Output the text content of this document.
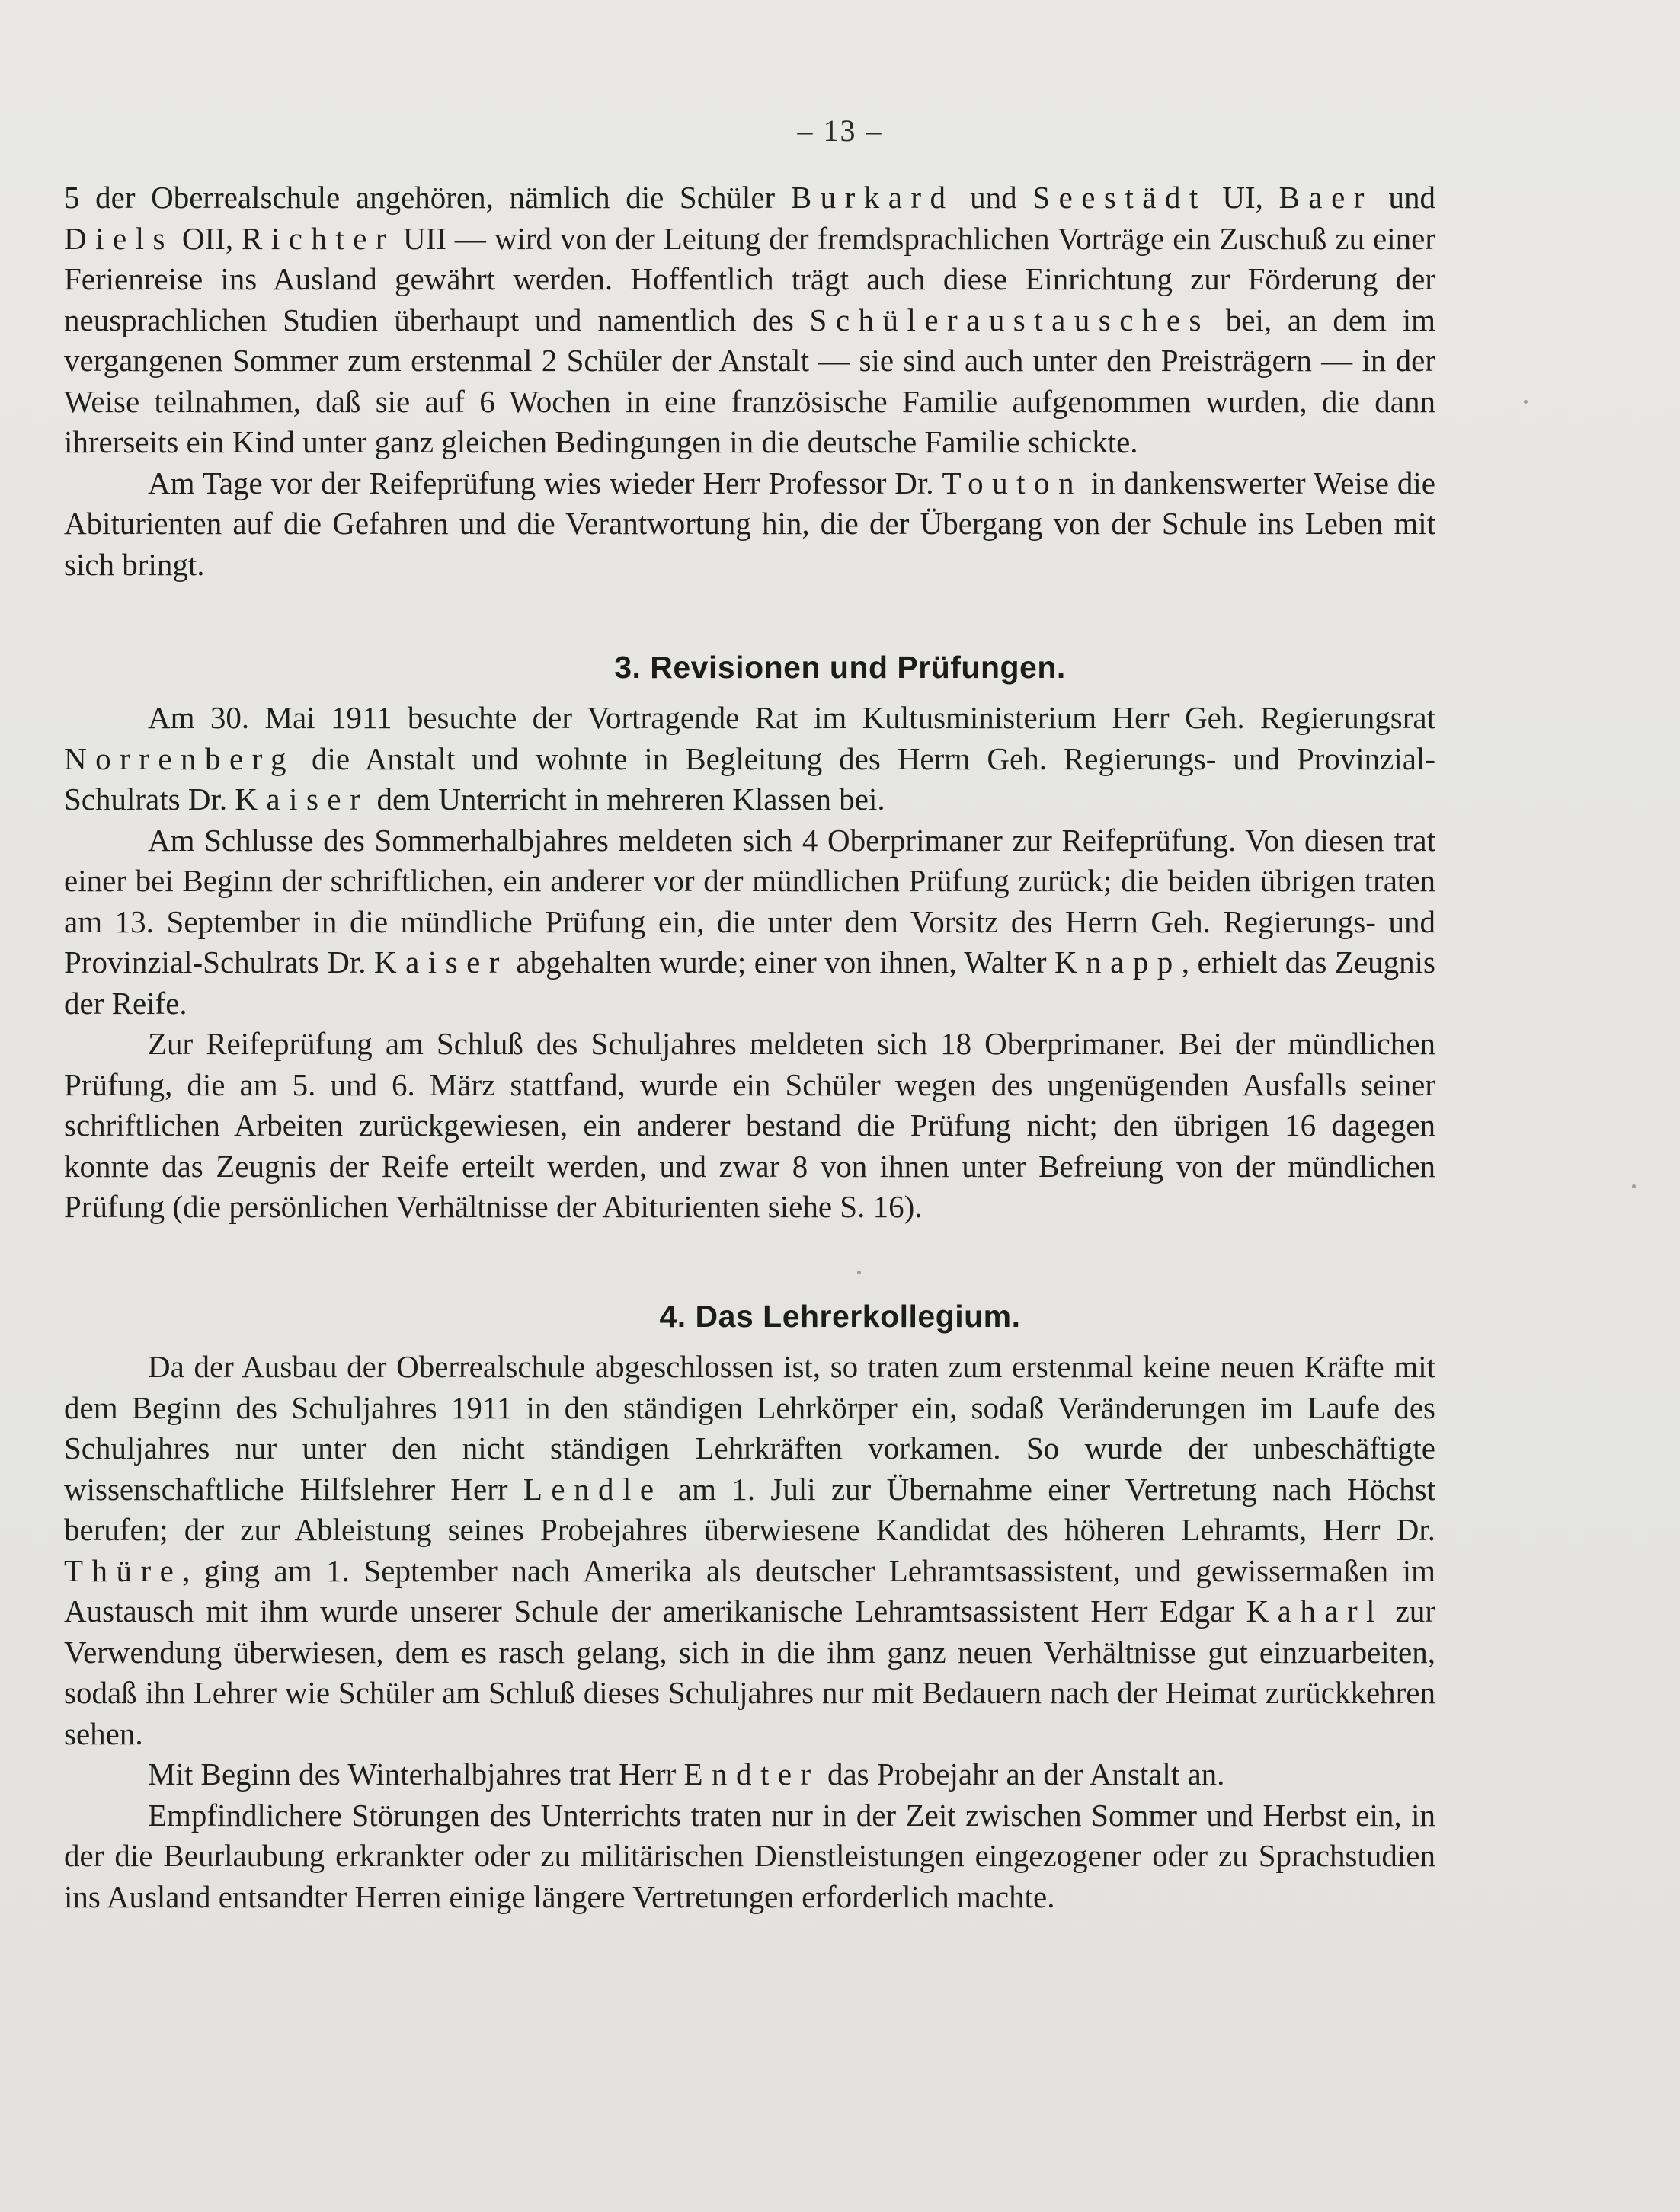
– 13 –

5 der Oberrealschule angehören, nämlich die Schüler Burkard und Seestädt UI, Baer und Diels OII, Richter UII — wird von der Leitung der fremdsprachlichen Vorträge ein Zuschuß zu einer Ferienreise ins Ausland gewährt werden. Hoffentlich trägt auch diese Einrichtung zur Förderung der neusprachlichen Studien überhaupt und namentlich des Schüleraustausches bei, an dem im vergangenen Sommer zum erstenmal 2 Schüler der Anstalt — sie sind auch unter den Preisträgern — in der Weise teilnahmen, daß sie auf 6 Wochen in eine französische Familie aufgenommen wurden, die dann ihrerseits ein Kind unter ganz gleichen Bedingungen in die deutsche Familie schickte.

Am Tage vor der Reifeprüfung wies wieder Herr Professor Dr. Touton in dankenswerter Weise die Abiturienten auf die Gefahren und die Verantwortung hin, die der Übergang von der Schule ins Leben mit sich bringt.

3. Revisionen und Prüfungen.

Am 30. Mai 1911 besuchte der Vortragende Rat im Kultusministerium Herr Geh. Regierungsrat Norrenberg die Anstalt und wohnte in Begleitung des Herrn Geh. Regierungs- und Provinzial-Schulrats Dr. Kaiser dem Unterricht in mehreren Klassen bei.

Am Schlusse des Sommerhalbjahres meldeten sich 4 Oberprimaner zur Reifeprüfung. Von diesen trat einer bei Beginn der schriftlichen, ein anderer vor der mündlichen Prüfung zurück; die beiden übrigen traten am 13. September in die mündliche Prüfung ein, die unter dem Vorsitz des Herrn Geh. Regierungs- und Provinzial-Schulrats Dr. Kaiser abgehalten wurde; einer von ihnen, Walter Knapp, erhielt das Zeugnis der Reife.

Zur Reifeprüfung am Schluß des Schuljahres meldeten sich 18 Oberprimaner. Bei der mündlichen Prüfung, die am 5. und 6. März stattfand, wurde ein Schüler wegen des ungenügenden Ausfalls seiner schriftlichen Arbeiten zurückgewiesen, ein anderer bestand die Prüfung nicht; den übrigen 16 dagegen konnte das Zeugnis der Reife erteilt werden, und zwar 8 von ihnen unter Befreiung von der mündlichen Prüfung (die persönlichen Verhältnisse der Abiturienten siehe S. 16).

4. Das Lehrerkollegium.

Da der Ausbau der Oberrealschule abgeschlossen ist, so traten zum erstenmal keine neuen Kräfte mit dem Beginn des Schuljahres 1911 in den ständigen Lehrkörper ein, sodaß Veränderungen im Laufe des Schuljahres nur unter den nicht ständigen Lehrkräften vorkamen. So wurde der unbeschäftigte wissenschaftliche Hilfslehrer Herr Lendle am 1. Juli zur Übernahme einer Vertretung nach Höchst berufen; der zur Ableistung seines Probejahres überwiesene Kandidat des höheren Lehramts, Herr Dr. Thüre, ging am 1. September nach Amerika als deutscher Lehramtsassistent, und gewissermaßen im Austausch mit ihm wurde unserer Schule der amerikanische Lehramtsassistent Herr Edgar Kaharl zur Verwendung überwiesen, dem es rasch gelang, sich in die ihm ganz neuen Verhältnisse gut einzuarbeiten, sodaß ihn Lehrer wie Schüler am Schluß dieses Schuljahres nur mit Bedauern nach der Heimat zurückkehren sehen.

Mit Beginn des Winterhalbjahres trat Herr Endter das Probejahr an der Anstalt an.

Empfindlichere Störungen des Unterrichts traten nur in der Zeit zwischen Sommer und Herbst ein, in der die Beurlaubung erkrankter oder zu militärischen Dienstleistungen eingezogener oder zu Sprachstudien ins Ausland entsandter Herren einige längere Vertretungen erforderlich machte.
